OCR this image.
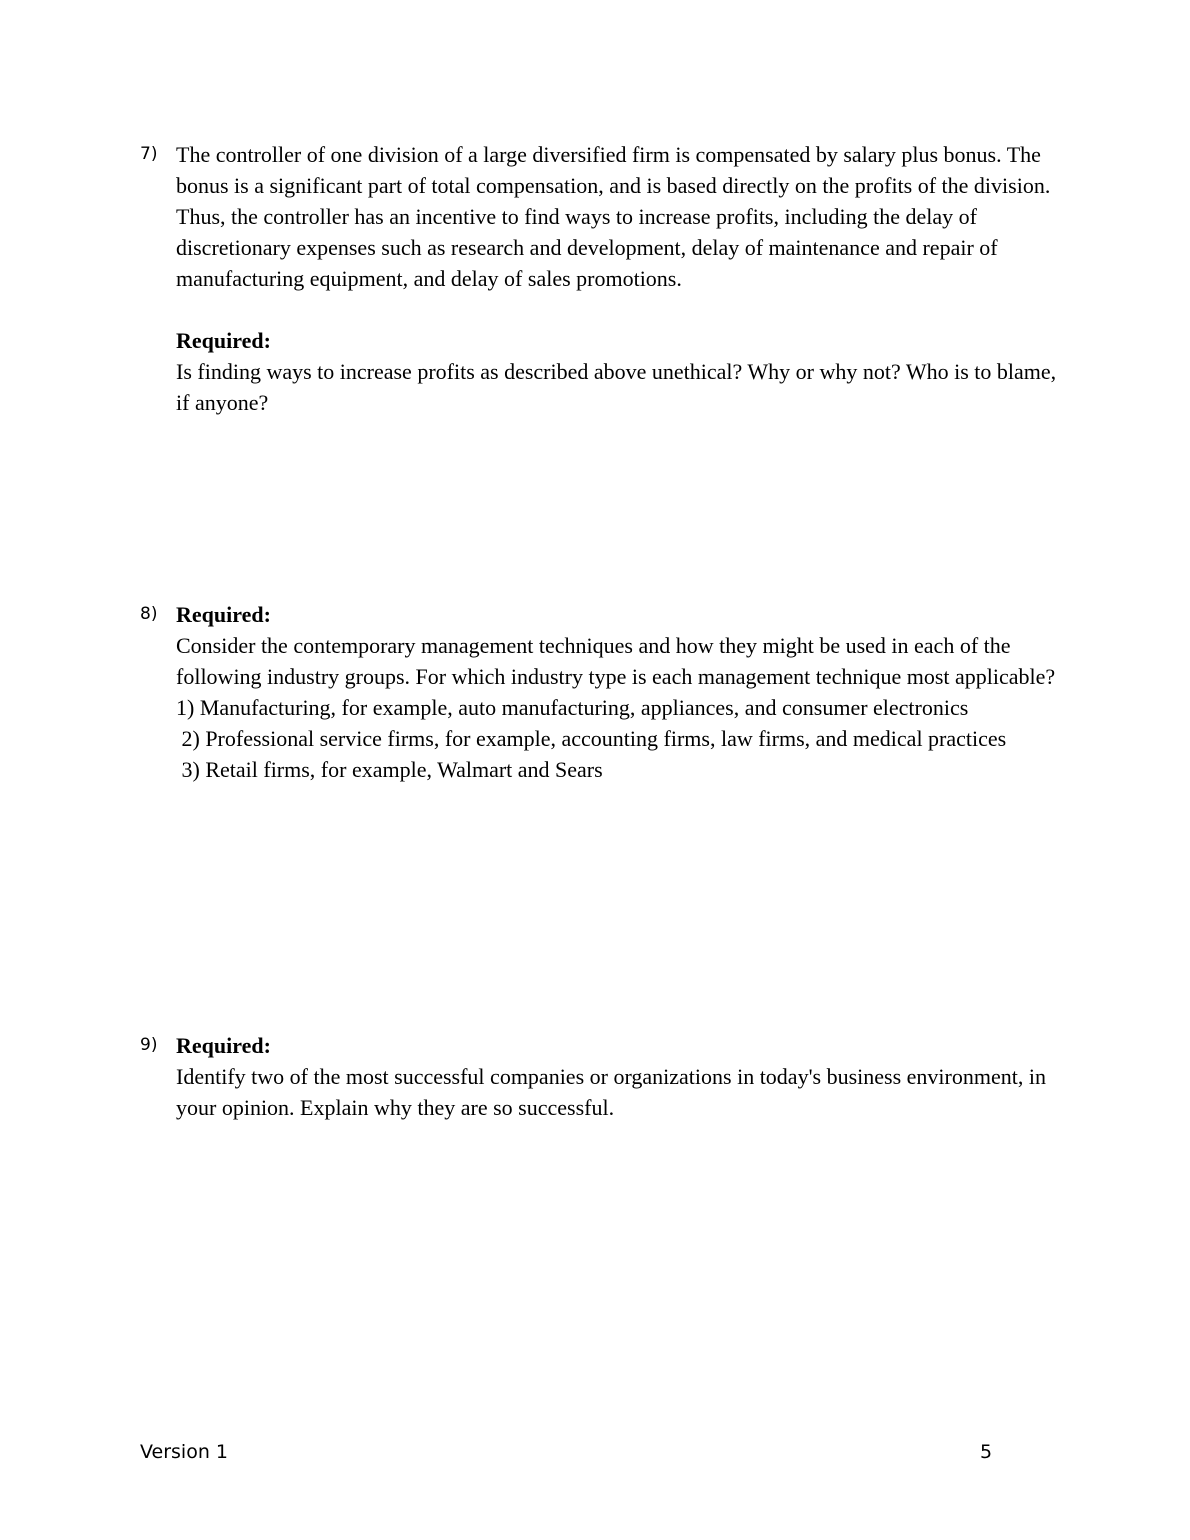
7) The controller of one division of a large diversified firm is compensated by salary plus bonus. The bonus is a significant part of total compensation, and is based directly on the profits of the division. Thus, the controller has an incentive to find ways to increase profits, including the delay of discretionary expenses such as research and development, delay of maintenance and repair of manufacturing equipment, and delay of sales promotions.

Required:

Is finding ways to increase profits as described above unethical? Why or why not? Who is to blame, if anyone?

8) Required:

Consider the contemporary management techniques and how they might be used in each of the following industry groups. For which industry type is each management technique most applicable?

1) Manufacturing, for example, auto manufacturing, appliances, and consumer electronics

2) Professional service firms, for example, accounting firms, law firms, and medical practices

3) Retail firms, for example, Walmart and Sears

9) Required:

Identify two of the most successful companies or organizations in today's business environment, in your opinion. Explain why they are so successful.

Version 1	5
